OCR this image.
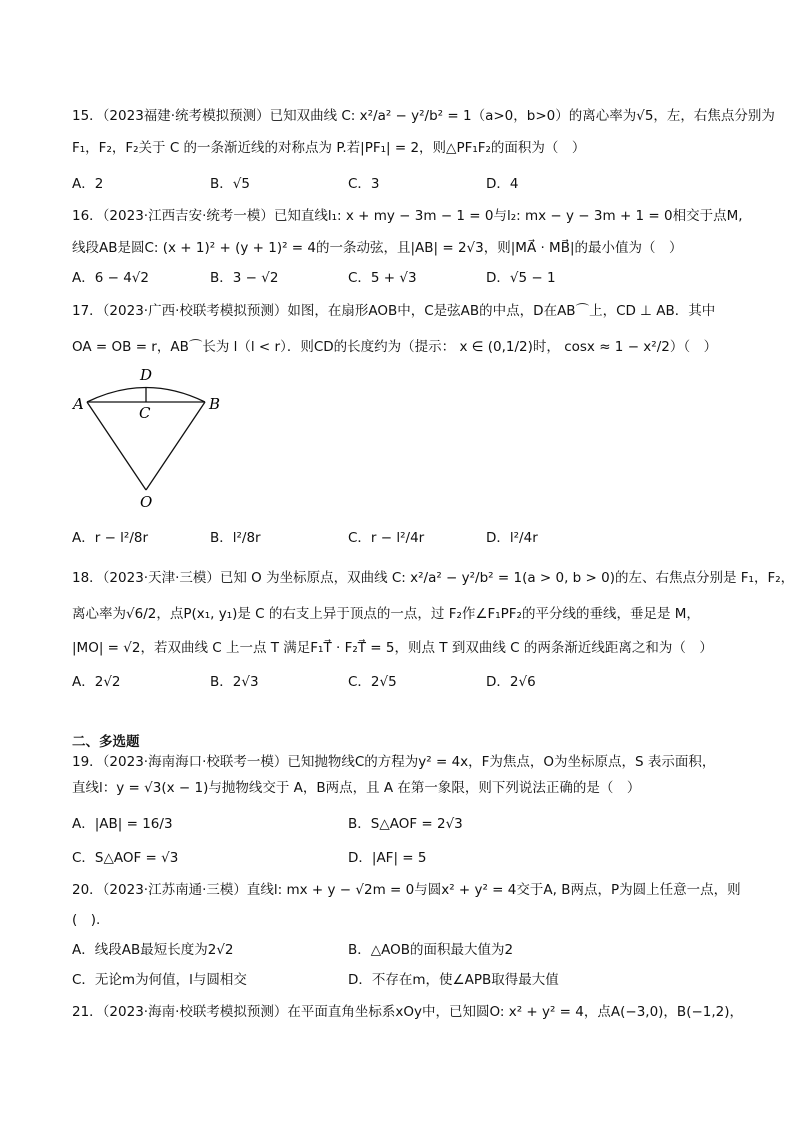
15．（2023福建·统考模拟预测）已知双曲线 C: x²/a² − y²/b² = 1（a>0，b>0）的离心率为√5，左，右焦点分别为
F₁，F₂，F₂关于 C 的一条渐近线的对称点为 P.若|PF₁| = 2，则△PF₁F₂的面积为（　）
A．2	B．√5	C．3	D．4
16．（2023·江西吉安·统考一模）已知直线l₁: x + my − 3m − 1 = 0与l₂: mx − y − 3m + 1 = 0相交于点M,
线段AB是圆C: (x + 1)² + (y + 1)² = 4的一条动弦，且|AB| = 2√3，则|MA⃗ · MB⃗|的最小值为（　）
A．6 − 4√2	B．3 − √2	C．5 + √3	D．√5 − 1
17．（2023·广西·校联考模拟预测）如图，在扇形AOB中，C是弦AB的中点，D在AB⌒上，CD ⊥ AB．其中
OA = OB = r，AB⌒长为 l（l < r）．则CD的长度约为（提示： x ∈ (0,1/2)时， cosx ≈ 1 − x²/2）（　）
A	B
D
C
O
A．r − l²/8r	B．l²/8r	C．r − l²/4r	D．l²/4r
18．（2023·天津·三模）已知 O 为坐标原点，双曲线 C: x²/a² − y²/b² = 1(a > 0, b > 0)的左、右焦点分别是 F₁，F₂，
离心率为√6/2，点P(x₁, y₁)是 C 的右支上异于顶点的一点，过 F₂作∠F₁PF₂的平分线的垂线，垂足是 M，
|MO| = √2，若双曲线 C 上一点 T 满足F₁T⃗ · F₂T⃗ = 5，则点 T 到双曲线 C 的两条渐近线距离之和为（　）
A．2√2	B．2√3	C．2√5	D．2√6
二、多选题
19．（2023·海南海口·校联考一模）已知抛物线C的方程为y² = 4x，F为焦点，O为坐标原点，S 表示面积，
直线l：y = √3(x − 1)与抛物线交于 A，B两点，且 A 在第一象限，则下列说法正确的是（　）
A．|AB| = 16/3	B．S△AOF = 2√3
C．S△AOF = √3	D．|AF| = 5
20．（2023·江苏南通·三模）直线l: mx + y − √2m = 0与圆x² + y² = 4交于A, B两点，P为圆上任意一点，则
(　).
A．线段AB最短长度为2√2	B．△AOB的面积最大值为2
C．无论m为何值，l与圆相交	D．不存在m，使∠APB取得最大值
21．（2023·海南·校联考模拟预测）在平面直角坐标系xOy中，已知圆O: x² + y² = 4，点A(−3,0)，B(−1,2)，
